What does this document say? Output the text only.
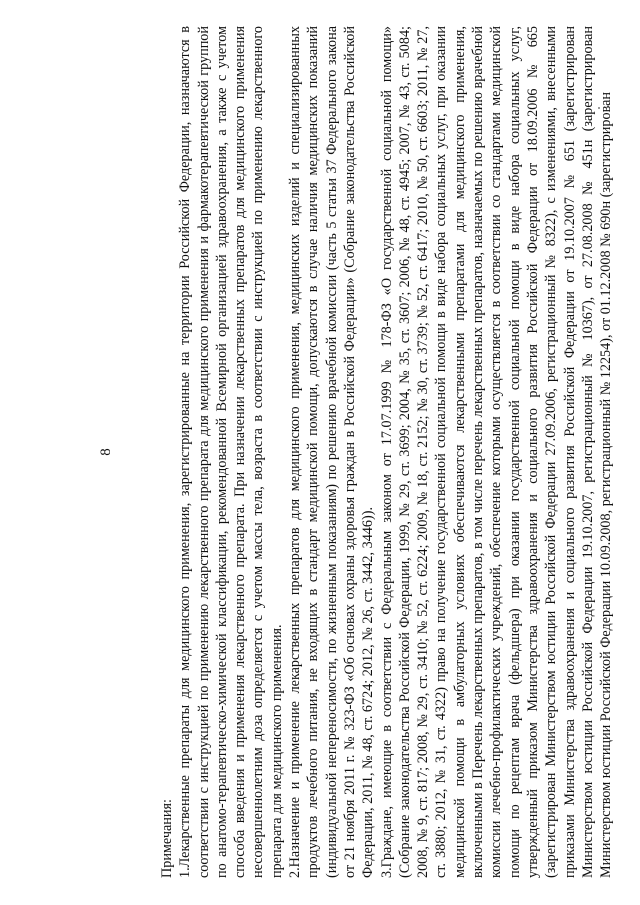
8

Примечания: 1.Лекарственные препараты для медицинского применения, зарегистрированные на территории Российской Федерации, назначаются в соответствии с инструкцией по применению лекарственного препарата для медицинского применения и фармакотерапевтической группой по анатомо-терапевтическо-химической классификации, рекомендованной Всемирной организацией здравоохранения, а также с учетом способа введения и применения лекарственного препарата. При назначении лекарственных препаратов для медицинского применения несовершеннолетним доза определяется с учетом массы тела, возраста в соответствии с инструкцией по применению лекарственного препарата для медицинского применения. 2.Назначение и применение лекарственных препаратов для медицинского применения, медицинских изделий и специализированных продуктов лечебного питания, не входящих в стандарт медицинской помощи, допускаются в случае наличия медицинских показаний (индивидуальной непереносимости, по жизненным показаниям) по решению врачебной комиссии (часть 5 статьи 37 Федерального закона от 21 ноября 2011 г. № 323-ФЗ «Об основах охраны здоровья граждан в Российской Федерации» (Собрание законодательства Российской Федерации, 2011, № 48, ст. 6724; 2012, № 26, ст. 3442, 3446)). 3.Граждане, имеющие в соответствии с Федеральным законом от 17.07.1999 № 178-ФЗ «О государственной социальной помощи» (Собрание законодательства Российской Федерации, 1999, № 29, ст. 3699; 2004, № 35, ст. 3607; 2006, № 48, ст. 4945; 2007, № 43, ст. 5084; 2008, № 9, ст. 817; 2008, № 29, ст. 3410; № 52, ст. 6224; 2009, № 18, ст. 2152; № 30, ст. 3739; № 52, ст. 6417; 2010, № 50, ст. 6603; 2011, № 27, ст. 3880; 2012, № 31, ст. 4322) право на получение государственной социальной помощи в виде набора социальных услуг, при оказании медицинской помощи в амбулаторных условиях обеспечиваются лекарственными препаратами для медицинского применения, включенными в Перечень лекарственных препаратов, в том числе перечень лекарственных препаратов, назначаемых по решению врачебной комиссии лечебно-профилактических учреждений, обеспечение которыми осуществляется в соответствии со стандартами медицинской помощи по рецептам врача (фельдшера) при оказании государственной социальной помощи в виде набора социальных услуг, утвержденный приказом Министерства здравоохранения и социального развития Российской Федерации от 18.09.2006 № 665 (зарегистрирован Министерством юстиции Российской Федерации 27.09.2006, регистрационный № 8322), с изменениями, внесенными приказами Министерства здравоохранения и социального развития Российской Федерации от 19.10.2007 № 651 (зарегистрирован Министерством юстиции Российской Федерации 19.10.2007, регистрационный № 10367), от 27.08.2008 № 451н (зарегистрирован Министерством юстиции Российской Федерации 10.09.2008, регистрационный № 12254), от 01.12.2008 № 690н (зарегистрирован
